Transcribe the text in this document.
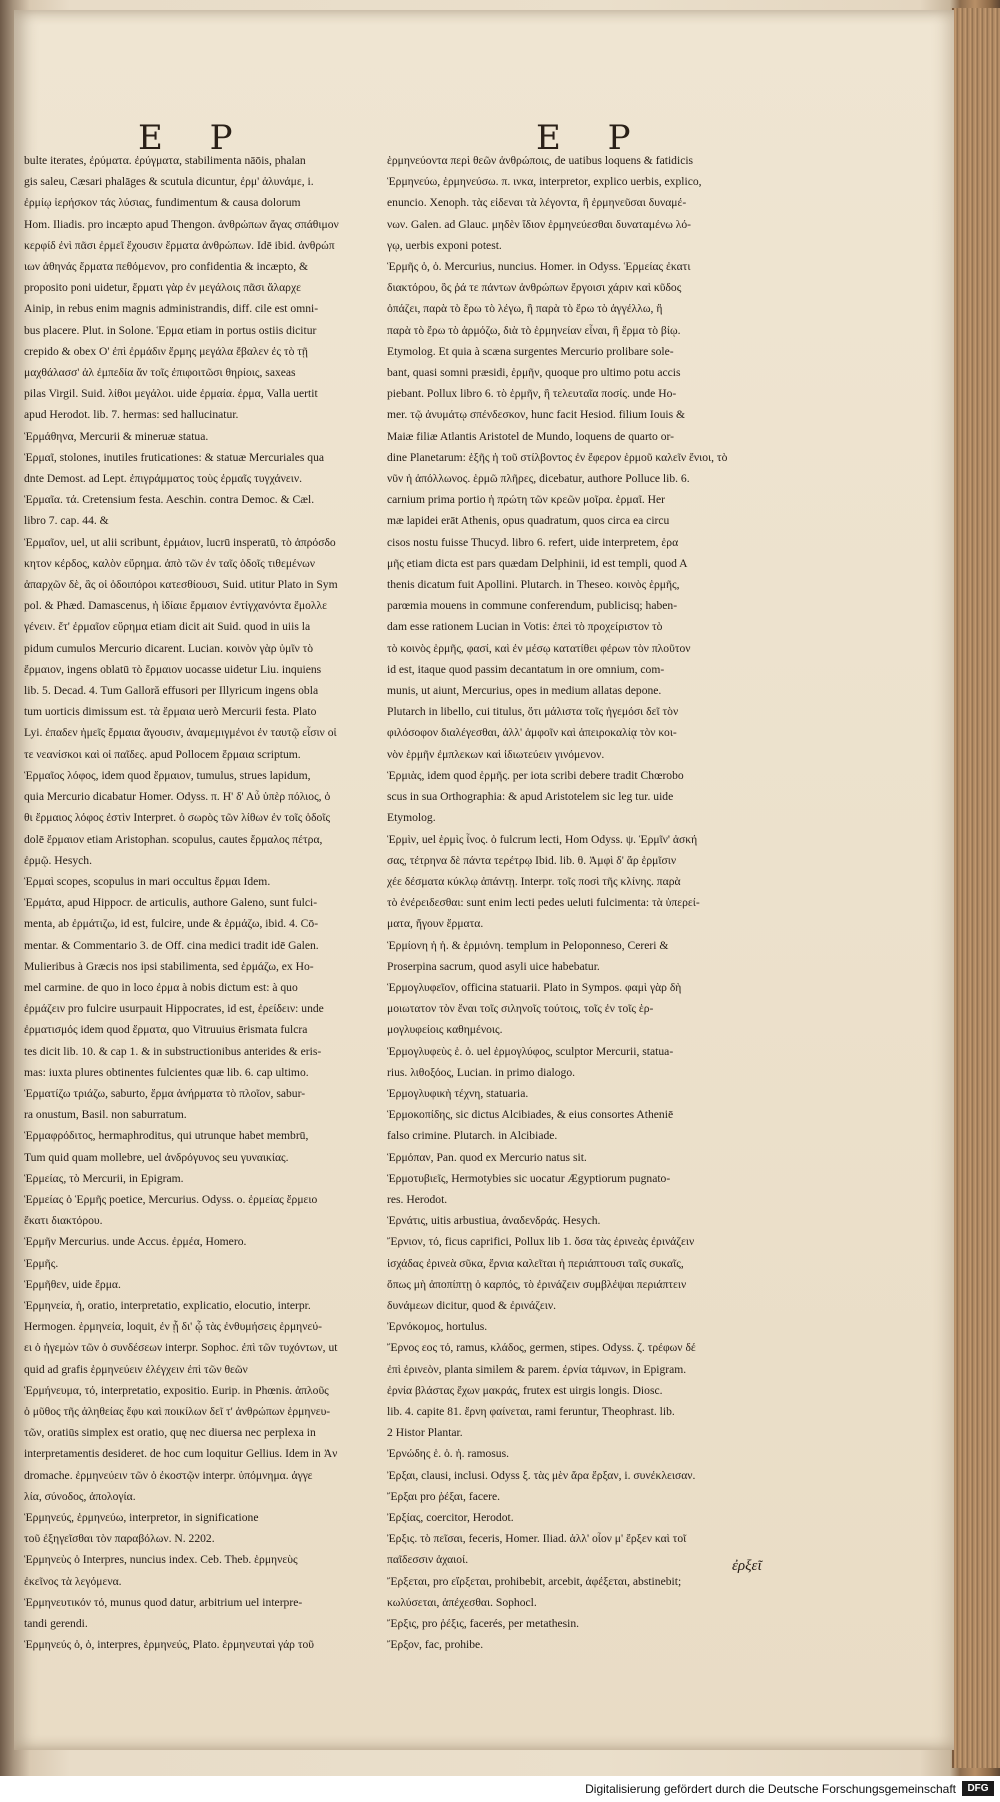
E P	E P
bulte iterates, ἐρύματα. ἐρύγματα, stabilimenta nāōis, phalan
gis saleu, Cæsari phalāges & scutula dicuntur, ἐρμ' ἀλυνάμε, i.
ἐρμίῳ ἱερήσκον τάς λύσιας, fundimentum & causa dolorum
Hom. Iliadis. pro incæpto apud Thengon. ἀνθρώπων ἄγας σπάθιμον
κερφίδ ἐνὶ πᾶσι ἐρμεῖ ἔχουσιν ἔρματα ἀνθρώπων. Idē ibid. ἀνθρώπ
ιων ἀθηνάς ἔρματα πεθόμενον, pro confidentia & incæpto, &
proposito poni uidetur, ἔρματι γὰρ ἐν μεγάλοις πᾶσι ἅλαρχε
Ainip, in rebus enim magnis administrandis, diff. cile est omni-
bus placere. Plut. in Solone. Ἑρμα etiam in portus ostiis dicitur
crepido & obex Ο' ἐπὶ ἐρμάδιν ἔρμης μεγάλα ἔβαλεν ἐς τὸ τῇ
μαχθάλασσ' ἀλ ἐμπεδία ἄν τοῖς ἐπιφοιτῶσι θηρίοις, saxeas
pilas Virgil. Suid. λίθοι μεγάλοι. uide ἐρμαία. ἐρμα, Valla uertit
apud Herodot. lib. 7. hermas: sed hallucinatur.
Ἑρμάθηνα, Mercurii & mineruæ statua.
Ἑρμαῖ, stolones, inutiles fruticationes: & statuæ Mercuriales qua
dnte Demost. ad Lept. ἐπιγράμματος τοὺς ἐρμαῖς τυγχάνειν.
Ἑρμαῖα. τά. Cretensium festa. Aeschin. contra Democ. & Cæl.
libro 7. cap. 44. &
Ἑρμαῖον, uel, ut alii scribunt, ἐρμάιον, lucrū insperatū, τὸ ἀπρόσδο
κητον κέρδος, καλὸν εὕρημα. ἀπὸ τῶν ἐν ταῖς ὁδοῖς τιθεμένων
ἀπαρχῶν δὲ, ἃς οἱ ὁδοιπόροι κατεσθίουσι, Suid. utitur Plato in Sym
pol. & Phæd. Damascenus, ἡ ἱδίαιε ἔρμαιον ἐντίγχανόντα ἕμολλε
γένειν. ἔτ' ἐρμαῖον εὕρημα etiam dicit ait Suid. quod in uiis la
pidum cumulos Mercurio dicarent. Lucian. κοινὸν γὰρ ὑμῖν τὸ
ἔρμαιον, ingens oblatū τὸ ἕρμαιον uocasse uidetur Liu. inquiens
lib. 5. Decad. 4. Tum Galloră effusori per Illyricum ingens obla
tum uorticis dimissum est. τὰ ἕρμαια uerò Mercurii festa. Plato
Lyi. ἐπαδεν ἡμεῖς ἔρμαια ἄγουσιν, ἀναμεμιγμένοι ἐν ταυτῷ εἶσιν οἱ
τε νεανίσκοι καὶ οἱ παῖδες. apud Pollocem ἕρμαια scriptum.
Ἑρμαῖος λόφος, idem quod ἕρμαιον, tumulus, strues lapidum,
quia Mercurio dicabatur Homer. Odyss. π. Η' δ' Αὖ ὑπὲρ πόλιος, ὁ
θι ἕρμαιος λόφος ἐστὶν Interpret. ὁ σωρὸς τῶν λίθων ἐν τοῖς ὁδοῖς
dolē ἕρμαιον etiam Aristophan. scopulus, cautes ἔρμαλος πέτρα,
ἐρμῷ. Hesych.
Ἑρμαὶ scopes, scopulus in mari occultus ἕρμαι Idem.
Ἑρμάτα, apud Hippocr. de articulis, authore Galeno, sunt fulci-
menta, ab ἐρμάτιζω, id est, fulcire, unde & ἑρμάζω, ibid. 4. Cō-
mentar. & Commentario 3. de Off. cina medici tradit idē Galen.
Mulieribus à Græcis nos ipsi stabilimenta, sed ἑρμάζω, ex Ho-
mel carmine. de quo in loco ἐρμα à nobis dictum est: à quo
ἐρμάζειν pro fulcire usurpauit Hippocrates, id est, ἐρείδειν: unde
ἐρματισμός idem quod ἕρματα, quo Vitruuius ērismata fulcra
tes dicit lib. 10. & cap 1. & in substructionibus anterides & eris-
mas: iuxta plures obtinentes fulcientes quæ lib. 6. cap ultimo.
Ἑρματίζω τριάζω, saburto, ἕρμα ἀνήρματα τὸ πλοῖον, sabur-
ra onustum, Basil. non saburratum.
Ἑρμαφρόδιτος, hermaphroditus, qui utrunque habet membrū,
Tum quid quam mollebre, uel ἀνδρόγυνος seu γυναικίας.
Ἑρμείας, τὸ Mercurii, in Epigram.
Ἑρμείας ὁ Ἑρμῆς poetice, Mercurius. Odyss. ο. ἐρμείας ἕρμειο
ἕκατι διακτόρου.
Ἑρμῆν Mercurius. unde Accus. ἐρμέα, Homero.
Ἑρμῆς.
Ἑρμῆθεν, uide ἔρμα.
Ἑρμηνεία, ἡ, oratio, interpretatio, explicatio, elocutio, interpr.
Hermogen. ἑρμηνεία, loquit, ἐν ᾗ δι' ᾧ τὰς ἐνθυμήσεις ἑρμηνεύ-
ει ὁ ἡγεμὼν τῶν ὁ συνδέσεων interpr. Sophoc. ἐπὶ τῶν τυχόντων, ut
quid ad grafis ἑρμηνεύειν ἐλέγχειν ἐπὶ τῶν θεῶν
Ἑρμήνευμα, τό, interpretatio, expositio. Eurip. in Phœnis. ἁπλοῦς
ὁ μῦθος τῆς ἀληθείας ἔφυ καὶ ποικίλων δεῖ τ' ἀνθρώπων ἑρμηνευ-
τῶν, oratiūs simplex est oratio, quę nec diuersa nec perplexa in
interpretamentis desideret. de hoc cum loquitur Gellius. Idem in Ἀν
dromache. ἑρμηνεύειν τῶν ὁ ἐκοστῷν interpr. ὑπόμνημα. ἀγγε
λία, σύνοδος, ἀπολογία.
Ἑρμηνεύς, ἑρμηνεύω, interpretor, in significatione
τοῦ ἐξηγεῖσθαι τὸν παραβόλων. N. 2202.
Ἑρμηνεὺς ὁ Interpres, nuncius index. Ceb. Theb. ἑρμηνεὺς
ἐκεῖνος τὰ λεγόμενα.
Ἑρμηνευτικόν τό, munus quod datur, arbitrium uel interpre-
tandi gerendi.
Ἑρμηνεύς ὁ, ὁ, interpres, ἑρμηνεύς, Plato. ἑρμηνευταὶ γάρ τοῦ
ἑρμηνεύοντα περὶ θεῶν ἀνθρώποις, de uatibus loquens & fatidicis
Ἑρμηνεύω, ἑρμηνεύσω. π. ινκα, interpretor, explico uerbis, explico,
enuncio. Xenoph. τὰς εἰδεναι τὰ λέγοντα, ἢ ἑρμηνεῦσαι δυναμέ-
νων. Galen. ad Glauc. μηδὲν ἴδιον ἑρμηνεύεσθαι δυναταμένω λό-
γῳ, uerbis exponi potest.
Ἑρμῆς ὁ, ὁ. Mercurius, nuncius. Homer. in Odyss. Ἑρμείας ἐκατι
διακτόρου, ὃς ῥά τε πάντων ἀνθρώπων ἔργοισι χάριν καὶ κῦδος
ὀπάζει, παρὰ τὸ ἔρω τὸ λέγω, ἢ παρὰ τὸ ἔρω τὸ ἀγγέλλω, ἢ
παρὰ τὸ ἔρω τὸ ἁρμόζω, διὰ τὸ ἑρμηνείαν εἶναι, ἢ ἔρμα τὸ βίῳ.
Etymolog. Et quia à scæna surgentes Mercurio prolibare sole-
bant, quasi somni præsidi, ἑρμῆν, quoque pro ultimo potu accis
piebant. Pollux libro 6. τὸ ἑρμῆν, ἢ τελευταῖα ποσίς. unde Ho-
mer. τῷ ἀνυμάτῳ σπένδεσκον, hunc facit Hesiod. filium Iouis &
Maiæ filiæ Atlantis Aristotel de Mundo, loquens de quarto or-
dine Planetarum: ἑξῆς ἡ τοῦ στίλβοντος ἐν ἔφερον ἑρμοῦ καλεῖν ἔνιοι, τὸ
νῦν ἡ ἀπόλλωνος. ἑρμῶ πλῆρες, dicebatur, authore Polluce lib. 6.
carnium prima portio ἡ πρώτη τῶν κρεῶν μοῖρα. ἑρμαῖ. Her
mæ lapidei erāt Athenis, opus quadratum, quos circa ea circu
cisos nostu fuisse Thucyd. libro 6. refert, uide interpretem, ἑρα
μῆς etiam dicta est pars quædam Delphinii, id est templi, quod A
thenis dicatum fuit Apollini. Plutarch. in Theseo. κοινὸς ἑρμῆς,
parœmia mouens in commune conferendum, publicisq; haben-
dam esse rationem Lucian in Votis: ἐπεὶ τὸ προχείριστον τὸ
τὸ κοινὸς ἑρμῆς, φασί, καὶ ἐν μέσῳ κατατίθει φέρων τὸν πλοῦτον
id est, itaque quod passim decantatum in ore omnium, com-
munis, ut aiunt, Mercurius, opes in medium allatas depone.
Plutarch in libello, cui titulus, ὅτι μάλιστα τοῖς ἡγεμόσι δεῖ τὸν
φιλόσοφον διαλέγεσθαι, ἀλλ' ἀμφοῖν καὶ ἀπειροκαλίᾳ τὸν κοι-
νὸν ἑρμῆν ἐμπλεκων καὶ ἰδιωτεύειν γινόμενον.
Ἑρμιὰς, idem quod ἑρμῆς. per iota scribi debere tradit Chœrobo
scus in sua Orthographia: & apud Aristotelem sic leg tur. uide
Etymolog.
Ἑρμὶν, uel ἑρμὶς ἶνος. ὁ fulcrum lecti, Hom Odyss. ψ. Ἑρμῖν' ἀσκή
σας, τέτρηνα δὲ πάντα τερέτρῳ Ibid. lib. θ. Ἀμφὶ δ' ἄρ ἑρμῖσιν
χέε δέσματα κύκλῳ ἁπάντῃ. Interpr. τοῖς ποσὶ τῆς κλίνης. παρὰ
τὸ ἐνέρειδεσθαι: sunt enim lecti pedes ueluti fulcimenta: τὰ ὑπερεί-
ματα, ἤγουν ἕρματα.
Ἑρμίονη ἡ ἡ. & ἑρμιόνη. templum in Peloponneso, Cereri &
Proserpina sacrum, quod asyli uice habebatur.
Ἑρμογλυφεῖον, officina statuarii. Plato in Sympos. φαμὶ γὰρ δὴ
μοιωτατον τὸν ἕναι τοῖς σιληνοῖς τούτοις, τοῖς ἐν τοῖς ἑρ-
μογλυφείοις καθημένοις.
Ἑρμογλυφεὺς ἑ. ὁ. uel ἑρμογλύφος, sculptor Mercurii, statua-
rius. λιθοξόος, Lucian. in primo dialogo.
Ἑρμογλυφικὴ τέχνη, statuaria.
Ἑρμοκοπίδης, sic dictus Alcibiades, & eius consortes Atheniē
falso crimine. Plutarch. in Alcibiade.
Ἑρμόπαν, Pan. quod ex Mercurio natus sit.
Ἑρμοτυβιεῖς, Hermotybies sic uocatur Ægyptiorum pugnato-
res. Herodot.
Ἑρνάτις, uitis arbustiua, ἀναδενδράς. Hesych.
Ἔρνιον, τό, ficus caprifici, Pollux lib 1. ὅσα τὰς ἐρινεὰς ἐρινάζειν
ἰσχάδας ἐρινεὰ σῦκα, ἔρνια καλεῖται ἡ περιάπτουσι ταῖς συκαῖς,
ὅπως μὴ ἀποπίπτῃ ὁ καρπός, τὸ ἐρινάζειν συμβλέψαι περιάπτειν
δυνάμεων dicitur, quod & ἐρινάζειν.
Ἐρνόκομος, hortulus.
Ἔρνος εος τό, ramus, κλάδος, germen, stipes. Odyss. ζ. τρέφων δέ
ἐπὶ ἐρινεὸν, planta similem & parem. ἐρνία τάμνων, in Epigram.
ἐρνία βλάστας ἔχων μακράς, frutex est uirgis longis. Diosc.
lib. 4. capite 81. ἔρνη φαίνεται, rami feruntur, Theophrast. lib.
2 Histor Plantar.
Ἐρνώδης ἑ. ὁ. ἡ. ramosus.
Ἐρξαι, clausi, inclusi. Odyss ξ. τὰς μὲν ἄρα ἔρξαν, i. συνέκλεισαν.
Ἔρξαι pro ῥέξαι, facere.
Ἐρξίας, coercitor, Herodot.
Ἐρξις. τὸ πεῖσαι, feceris, Homer. Iliad. ἀλλ' οἷον μ' ἔρξεν καὶ τοῖ
παῖδεσσιν ἀχαιοί.
Ἔρξεται, pro εἴρξεται, prohibebit, arcebit, ἀφέξεται, abstinebit;
κωλύσεται, ἀπέχεσθαι. Sophocl.
Ἔρξις, pro ῥέξις, facerés, per metathesin.
Ἔρξον, fac, prohibe.
ἐρξεῖ
Digitalisierung gefördert durch die Deutsche Forschungsgemeinschaft	DFG
